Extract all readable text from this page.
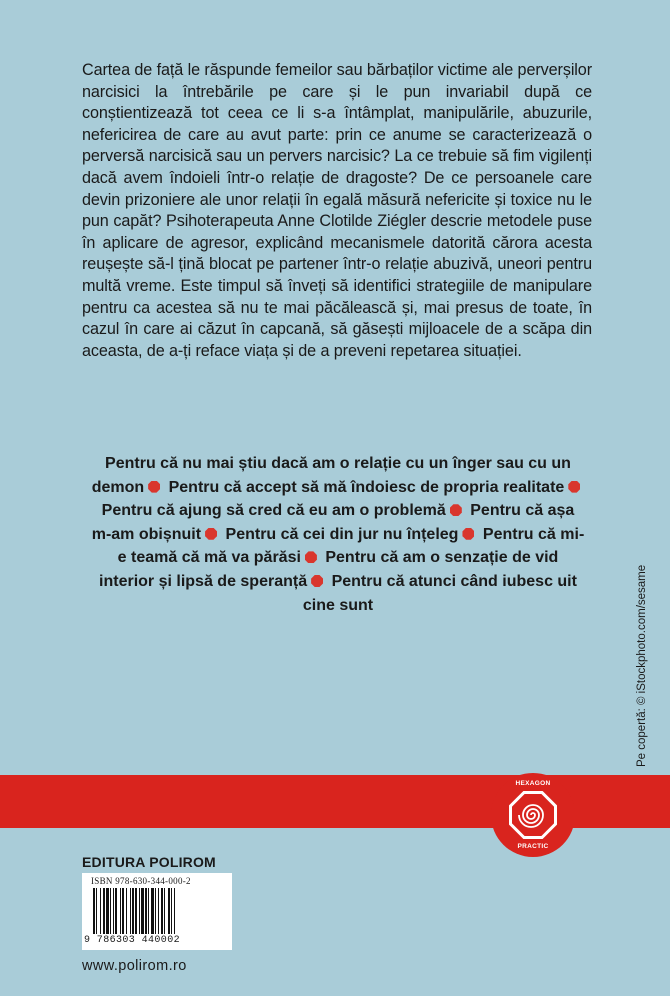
Cartea de față le răspunde femeilor sau bărbaților victime ale perverșilor narcisici la întrebările pe care și le pun invariabil după ce conștientizează tot ceea ce li s-a întâmplat, manipulările, abuzurile, nefericirea de care au avut parte: prin ce anume se caracterizează o perversă narcisică sau un pervers narcisic? La ce trebuie să fim vigilenți dacă avem îndoieli într-o relație de dragoste? De ce persoanele care devin prizoniere ale unor relații în egală măsură nefericite și toxice nu le pun capăt? Psihoterapeuta Anne Clotilde Ziégler descrie metodele puse în aplicare de agresor, explicând mecanismele datorită cărora acesta reușește să-l țină blocat pe partener într-o relație abuzivă, uneori pentru multă vreme. Este timpul să înveți să identifici strategiile de manipulare pentru ca acestea să nu te mai păcălească și, mai presus de toate, în cazul în care ai căzut în capcană, să găsești mijloacele de a scăpa din aceasta, de a-ți reface viața și de a preveni repetarea situației.
Pentru că nu mai știu dacă am o relație cu un înger sau cu un demon Pentru că accept să mă îndoiesc de propria realitate Pentru că ajung să cred că eu am o problemă Pentru că așa m-am obișnuit Pentru că cei din jur nu înțeleg Pentru că mi-e teamă că mă va părăsi Pentru că am o senzație de vid interior și lipsă de speranță Pentru că atunci când iubesc uit cine sunt	Pe copertă: © iStockphoto.com/sesame
HEXAGON
PRACTIC
EDITURA POLIROM
ISBN 978-630-344-000-2
9 786303 440002
www.polirom.ro
